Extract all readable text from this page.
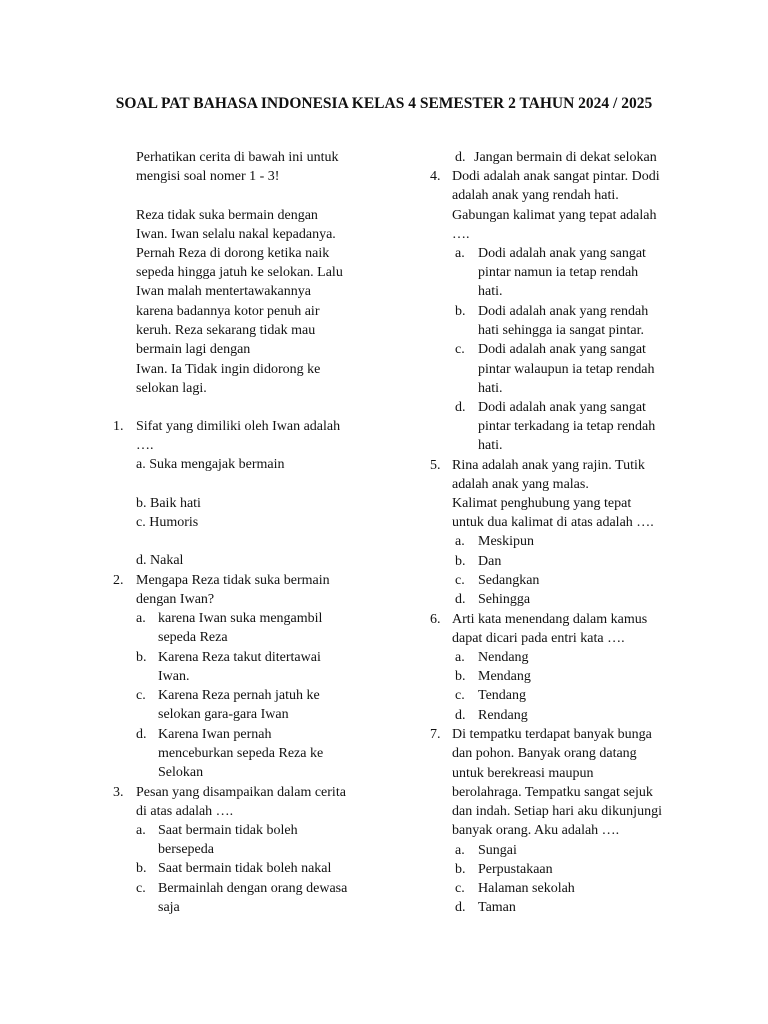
SOAL PAT BAHASA INDONESIA KELAS 4 SEMESTER 2 TAHUN 2024 / 2025
Perhatikan cerita di bawah ini untuk
mengisi soal nomer 1 - 3!
Reza tidak suka bermain dengan
Iwan. Iwan selalu nakal kepadanya.
Pernah Reza di dorong ketika naik
sepeda hingga jatuh ke selokan. Lalu
Iwan malah mentertawakannya
karena badannya kotor penuh air
keruh. Reza sekarang tidak mau
bermain lagi dengan
Iwan. Ia Tidak ingin didorong ke
selokan lagi.
1. Sifat yang dimiliki oleh Iwan adalah
….
a. Suka mengajak bermain
b. Baik hati
c. Humoris
d. Nakal
2. Mengapa Reza tidak suka bermain
dengan Iwan?
a. karena Iwan suka mengambil
sepeda Reza
b. Karena Reza takut ditertawai
Iwan.
c. Karena Reza pernah jatuh ke
selokan gara-gara Iwan
d. Karena Iwan pernah
menceburkan sepeda Reza ke
Selokan
3. Pesan yang disampaikan dalam cerita
di atas adalah ….
a. Saat bermain tidak boleh
bersepeda
b. Saat bermain tidak boleh nakal
c. Bermainlah dengan orang dewasa
saja
d. Jangan bermain di dekat selokan
4. Dodi adalah anak sangat pintar. Dodi
adalah anak yang rendah hati.
Gabungan kalimat yang tepat adalah
….
a. Dodi adalah anak yang sangat
pintar namun ia tetap rendah
hati.
b. Dodi adalah anak yang rendah
hati sehingga ia sangat pintar.
c. Dodi adalah anak yang sangat
pintar walaupun ia tetap rendah
hati.
d. Dodi adalah anak yang sangat
pintar terkadang ia tetap rendah
hati.
5. Rina adalah anak yang rajin. Tutik
adalah anak yang malas.
Kalimat penghubung yang tepat
untuk dua kalimat di atas adalah ….
a. Meskipun
b. Dan
c. Sedangkan
d. Sehingga
6. Arti kata menendang dalam kamus
dapat dicari pada entri kata ….
a. Nendang
b. Mendang
c. Tendang
d. Rendang
7. Di tempatku terdapat banyak bunga
dan pohon. Banyak orang datang
untuk berekreasi maupun
berolahraga. Tempatku sangat sejuk
dan indah. Setiap hari aku dikunjungi
banyak orang. Aku adalah ….
a. Sungai
b. Perpustakaan
c. Halaman sekolah
d. Taman
